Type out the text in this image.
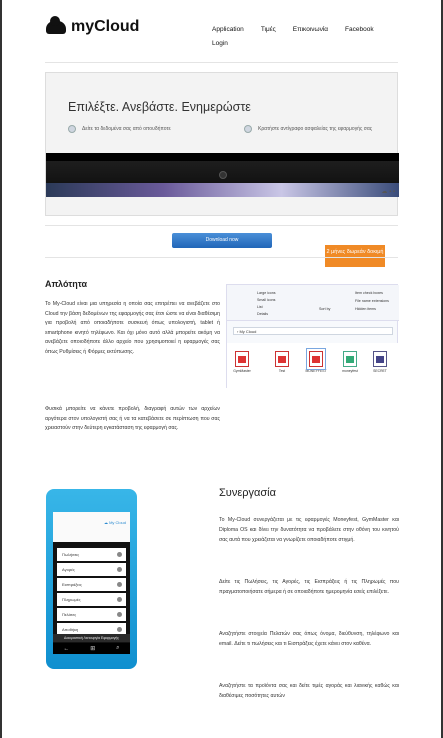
myCloud	Application	Τιμές	Επικοινωνία	Facebook
Login
Επιλέξτε. Ανεβάστε. Ενημερώστε
Δείτε τα δεδομένα σας από οπουδήποτε	Κρατήστε αντίγραφο ασφαλείας της εφαρμογής σας
2 μήνες δωρεάν δοκιμή
☁ ▪ ▪
Download now
Απλότητα

Το My-Cloud είναι μια υπηρεσία η οποία σας επιτρέπει να ανεβάζετε στο Cloud την βάση δεδομένων της εφαρμογής σας έτσι ώστε να είναι διαθέσιμη για προβολή από οποιαδήποτε συσκευή όπως υπολογιστή, tablet ή smartphone κινητό τηλέφωνο. Και όχι μόνο αυτό αλλά μπορείτε ακόμη να ανεβάζετε οποιοδήποτε άλλο αρχείο που χρησιμοποιεί η εφαρμογές σας όπως Ρυθμίσεις ή Φόρμες εκτύπωσης.

Φυσικά μπορείτε να κάνετε προβολή, διαγραφή αυτών των αρχείων αργότερα στον υπολογιστή σας ή να τα κατεβάσετε σε περίπτωση που σας χρειαστούν στην δεύτερη εγκατάσταση της εφαρμογή σας.

Large icons
Small icons
List
Details
Sort by
Item check boxes
File name extensions
Hidden items
› My Cloud
GymMaster	Test	MONEYFEST	moneyfest	SECRET
☁ My Cloud
Πωλήσεις
Αγορές
Εισπράξεις
Πληρωμές
Πελάτες
Αποθήκη
Δοκιμαστική Λειτουργία Εφαρμογής
←	⊞	⌕
Συνεργασία

Το My-Cloud συνεργάζεται με τις εφαρμογές Moneyfest, GymMaster και Diploma OS και δίνει την δυνατότητα να προβάλετε στην οθόνη του κινητού σας αυτά που χρειάζεται να γνωρίζετε οποιαδήποτε στιγμή.

Δείτε τις Πωλήσεις, τις Αγορές, τις Εισπράξεις ή τις Πληρωμές που πραγματοποιήσατε σήμερα ή σε οποιαδήποτε ημερομηνία εσείς επιλέξετε.

Αναζητήστε στοιχεία Πελατών σας όπως όνομα, διεύθυνση, τηλέφωνο και email. Δείτε τι πωλήσεις και τι Εισπράξεις έχετε κάνει στον καθένα.

Αναζητήστε τα προϊόντα σας και δείτε τιμές αγοράς και λιανικής καθώς και διαθέσιμες ποσότητες αυτών
